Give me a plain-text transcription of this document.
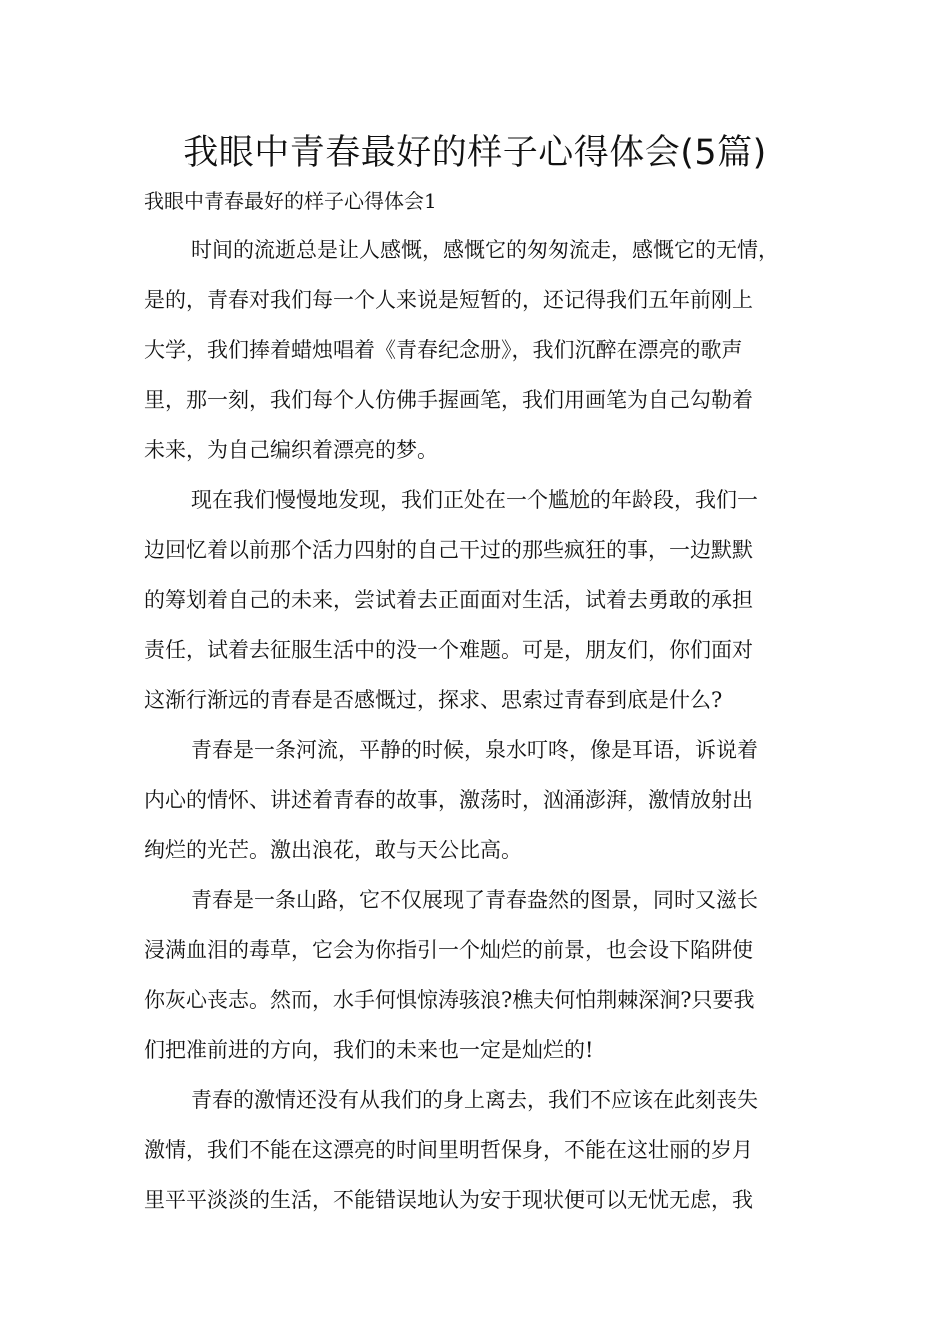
我眼中青春最好的样子心得体会(5篇)
我眼中青春最好的样子心得体会1
时间的流逝总是让人感慨，感慨它的匆匆流走，感慨它的无情，
是的，青春对我们每一个人来说是短暂的，还记得我们五年前刚上
大学，我们捧着蜡烛唱着《青春纪念册》，我们沉醉在漂亮的歌声
里，那一刻，我们每个人仿佛手握画笔，我们用画笔为自己勾勒着
未来，为自己编织着漂亮的梦。
现在我们慢慢地发现，我们正处在一个尴尬的年龄段，我们一
边回忆着以前那个活力四射的自己干过的那些疯狂的事，一边默默
的筹划着自己的未来，尝试着去正面面对生活，试着去勇敢的承担
责任，试着去征服生活中的没一个难题。可是，朋友们，你们面对
这渐行渐远的青春是否感慨过，探求、思索过青春到底是什么?
青春是一条河流，平静的时候，泉水叮咚，像是耳语，诉说着
内心的情怀、讲述着青春的故事，激荡时，汹涌澎湃，激情放射出
绚烂的光芒。激出浪花，敢与天公比高。
青春是一条山路，它不仅展现了青春盎然的图景，同时又滋长
浸满血泪的毒草，它会为你指引一个灿烂的前景，也会设下陷阱使
你灰心丧志。然而，水手何惧惊涛骇浪?樵夫何怕荆棘深涧?只要我
们把准前进的方向，我们的未来也一定是灿烂的!
青春的激情还没有从我们的身上离去，我们不应该在此刻丧失
激情，我们不能在这漂亮的时间里明哲保身，不能在这壮丽的岁月
里平平淡淡的生活，不能错误地认为安于现状便可以无忧无虑，我
